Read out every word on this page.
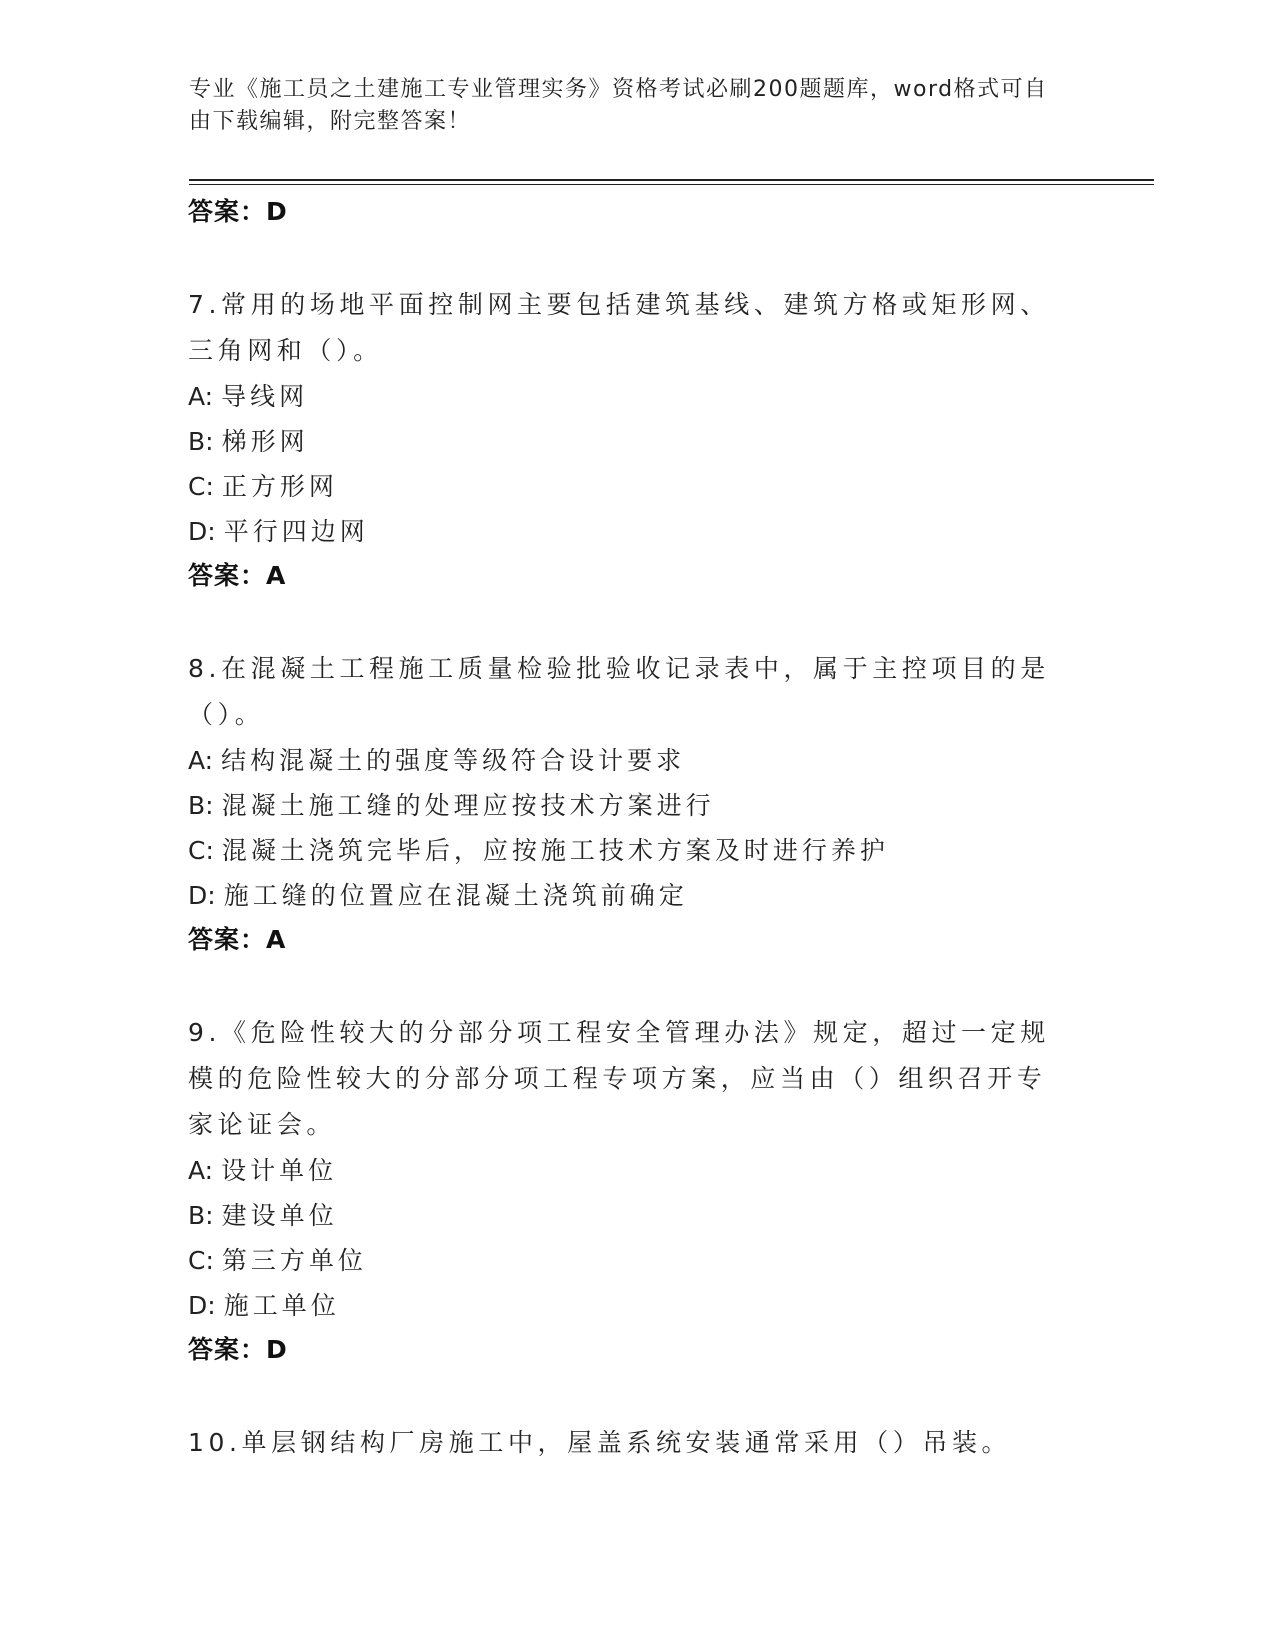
专业《施工员之土建施工专业管理实务》资格考试必刷200题题库，word格式可自由下载编辑，附完整答案！
答案：D
7.常用的场地平面控制网主要包括建筑基线、建筑方格或矩形网、三角网和（）。
A: 导线网
B: 梯形网
C: 正方形网
D: 平行四边网
答案：A
8.在混凝土工程施工质量检验批验收记录表中，属于主控项目的是（）。
A: 结构混凝土的强度等级符合设计要求
B: 混凝土施工缝的处理应按技术方案进行
C: 混凝土浇筑完毕后，应按施工技术方案及时进行养护
D: 施工缝的位置应在混凝土浇筑前确定
答案：A
9.《危险性较大的分部分项工程安全管理办法》规定，超过一定规模的危险性较大的分部分项工程专项方案，应当由（）组织召开专家论证会。
A: 设计单位
B: 建设单位
C: 第三方单位
D: 施工单位
答案：D
10.单层钢结构厂房施工中，屋盖系统安装通常采用（）吊装。
